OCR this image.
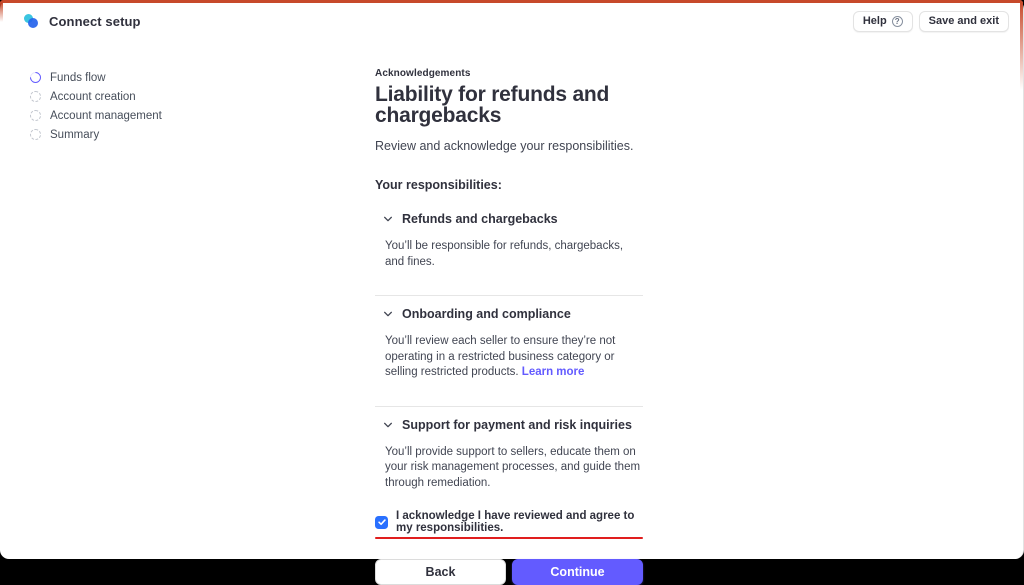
Connect setup	Help	?	Save and exit
Funds flow
Account creation
Account management
Summary
Acknowledgements
Liability for refunds and chargebacks
Review and acknowledge your responsibilities.
Your responsibilities:
Refunds and chargebacks
You’ll be responsible for refunds, chargebacks, and fines.
Onboarding and compliance
You’ll review each seller to ensure they’re not operating in a restricted business category or selling restricted products. Learn more
Support for payment and risk inquiries
You’ll provide support to sellers, educate them on your risk management processes, and guide them through remediation.
I acknowledge I have reviewed and agree to my responsibilities.
Back	Continue
